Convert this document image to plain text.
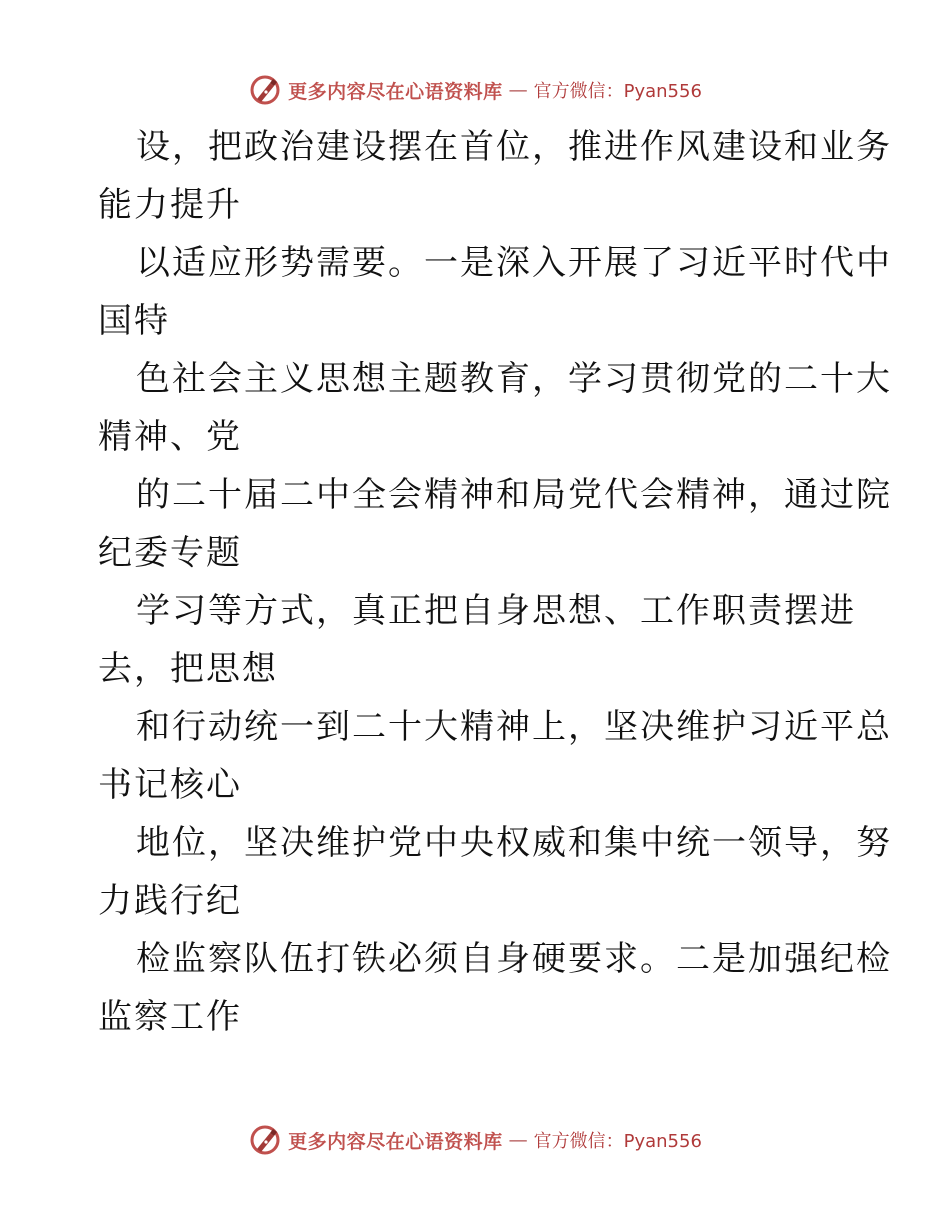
更多内容尽在心语资料库 — 官方微信：Pyan556
设，把政治建设摆在首位，推进作风建设和业务
能力提升
以适应形势需要。一是深入开展了习近平时代中
国特
色社会主义思想主题教育，学习贯彻党的二十大
精神、党
的二十届二中全会精神和局党代会精神，通过院
纪委专题
学习等方式，真正把自身思想、工作职责摆进
去，把思想
和行动统一到二十大精神上，坚决维护习近平总
书记核心
地位，坚决维护党中央权威和集中统一领导，努
力践行纪
检监察队伍打铁必须自身硬要求。二是加强纪检
监察工作
更多内容尽在心语资料库 — 官方微信：Pyan556
